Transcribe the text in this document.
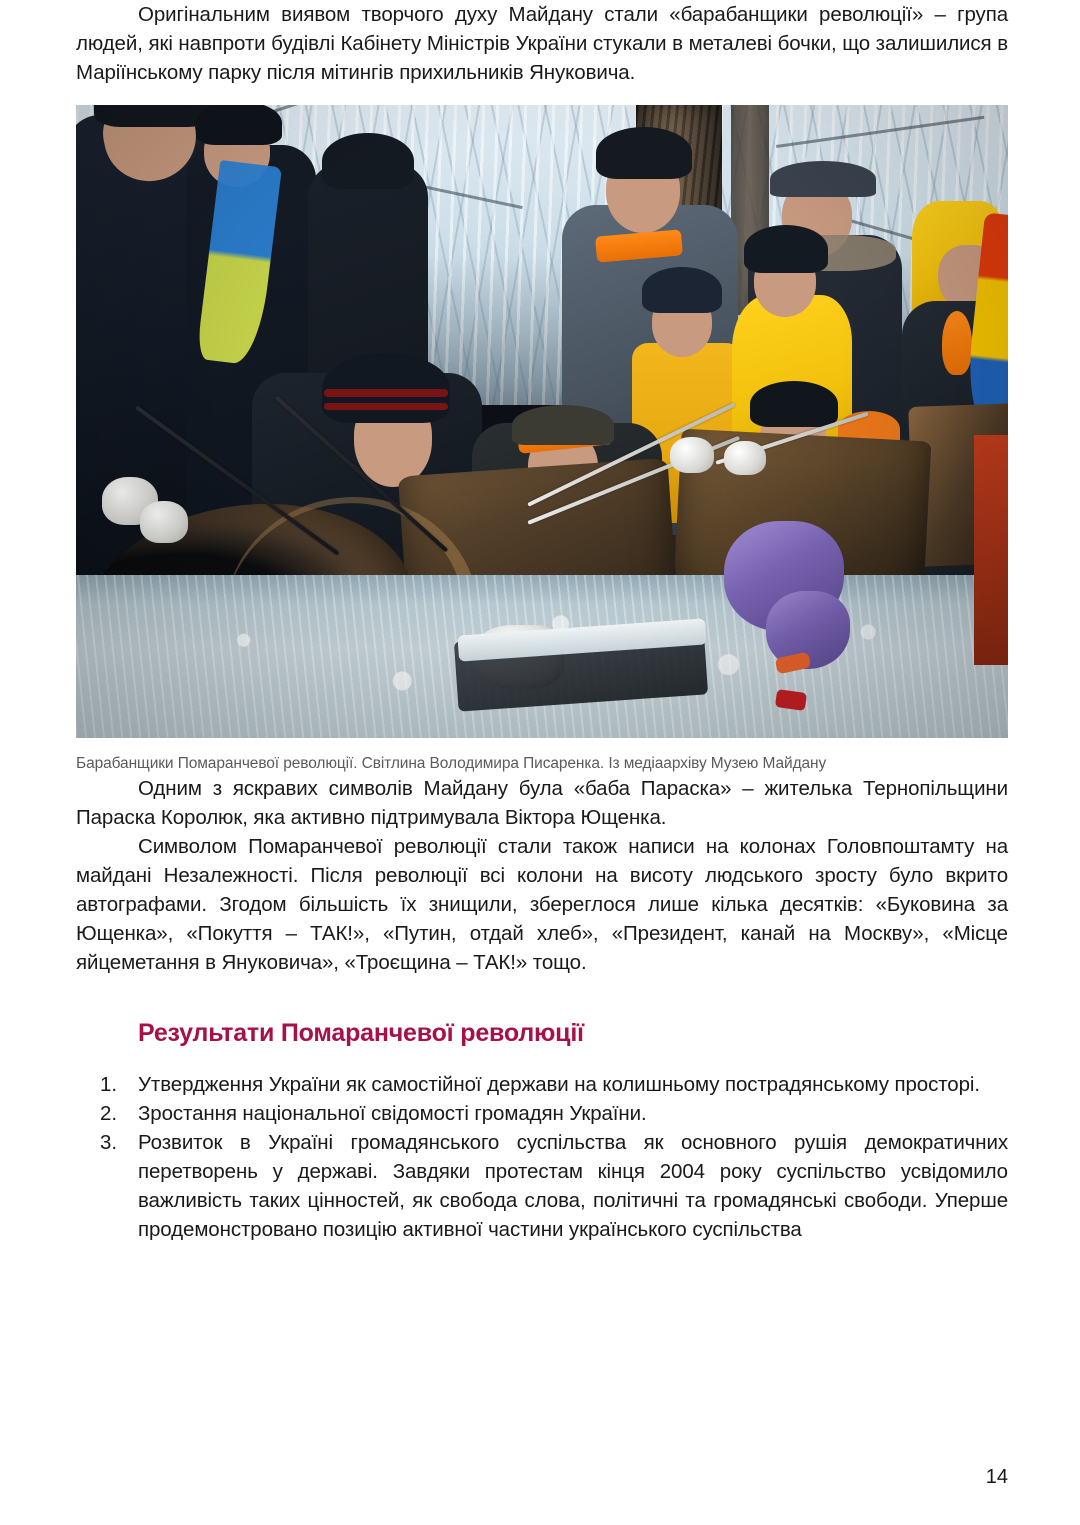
Оригінальним виявом творчого духу Майдану стали «барабанщики революції» – група людей, які навпроти будівлі Кабінету Міністрів України стукали в металеві бочки, що залишилися в Маріїнському парку після мітингів прихильників Януковича.

Барабанщики Помаранчевої революції. Світлина Володимира Писаренка. Із медіаархіву Музею Майдану

Одним з яскравих символів Майдану була «баба Параска» – жителька Тернопільщини Параска Королюк, яка активно підтримувала Віктора Ющенка.

Символом Помаранчевої революції стали також написи на колонах Головпоштамту на майдані Незалежності. Після революції всі колони на висоту людського зросту було вкрито автографами. Згодом більшість їх знищили, збереглося лише кілька десятків: «Буковина за Ющенка», «Покуття – ТАК!», «Путин, отдай хлеб», «Президент, канай на Москву», «Місце яйцеметання в Януковича», «Троєщина – ТАК!» тощо.

Результати Помаранчевої революції
Утвердження України як самостійної держави на колишньому пострадянському просторі.
Зростання національної свідомості громадян України.
Розвиток в Україні громадянського суспільства як основного рушія демократичних перетворень у державі. Завдяки протестам кінця 2004 року суспільство усвідомило важливість таких цінностей, як свобода слова, політичні та громадянські свободи. Уперше продемонстровано позицію активної частини українського суспільства
14
